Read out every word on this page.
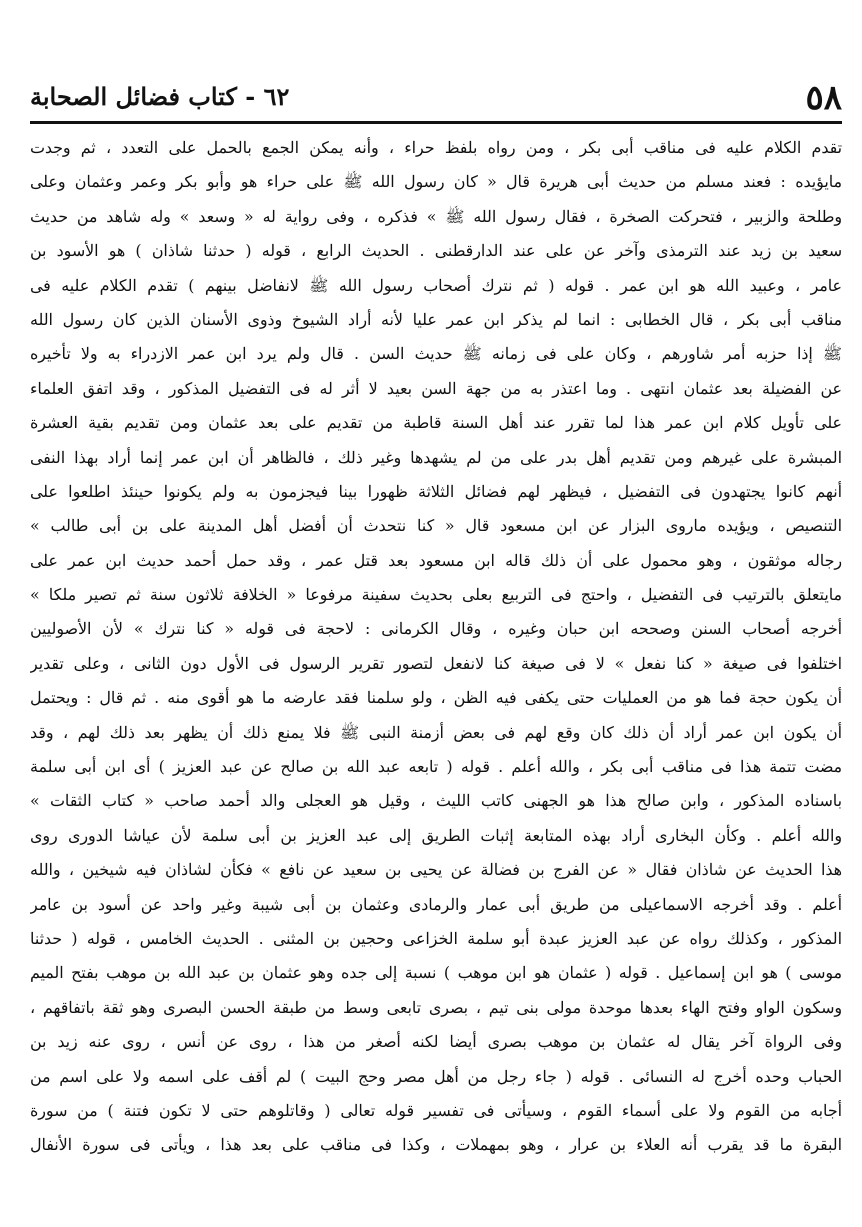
٥٨
٦٢ - كتاب فضائل الصحابة
تقدم الكلام عليه فى مناقب أبى بكر ، ومن رواه بلفظ حراء ، وأنه يمكن الجمع بالحمل على التعدد ، ثم وجدت
مايؤيده : فعند مسلم من حديث أبى هريرة قال « كان رسول الله ﷺ على حراء هو وأبو بكر وعمر وعثمان وعلى
وطلحة والزبير ، فتحركت الصخرة ، فقال رسول الله ﷺ » فذكره ، وفى رواية له « وسعد » وله شاهد من حديث
سعيد بن زيد عند الترمذى وآخر عن على عند الدارقطنى . الحديث الرابع ، قوله ( حدثنا شاذان ) هو الأسود بن
عامر ، وعبيد الله هو ابن عمر . قوله ( ثم نترك أصحاب رسول الله ﷺ لانفاضل بينهم ) تقدم الكلام عليه فى
مناقب أبى بكر ، قال الخطابى : انما لم يذكر ابن عمر عليا لأنه أراد الشيوخ وذوى الأسنان الذين كان رسول الله
ﷺ إذا حزبه أمر شاورهم ، وكان على فى زمانه ﷺ حديث السن . قال ولم يرد ابن عمر الازدراء به ولا تأخيره
عن الفضيلة بعد عثمان انتهى . وما اعتذر به من جهة السن بعيد لا أثر له فى التفضيل المذكور ، وقد اتفق العلماء
على تأويل كلام ابن عمر هذا لما تقرر عند أهل السنة قاطبة من تقديم على بعد عثمان ومن تقديم بقية العشرة
المبشرة على غيرهم ومن تقديم أهل بدر على من لم يشهدها وغير ذلك ، فالظاهر أن ابن عمر إنما أراد بهذا النفى
أنهم كانوا يجتهدون فى التفضيل ، فيظهر لهم فضائل الثلاثة ظهورا بينا فيجزمون به ولم يكونوا حينئذ اطلعوا على
التنصيص ، ويؤيده ماروى البزار عن ابن مسعود قال « كنا نتحدث أن أفضل أهل المدينة على بن أبى طالب »
رجاله موثقون ، وهو محمول على أن ذلك قاله ابن مسعود بعد قتل عمر ، وقد حمل أحمد حديث ابن عمر على
مايتعلق بالترتيب فى التفضيل ، واحتج فى التربيع بعلى بحديث سفينة مرفوعا « الخلافة ثلاثون سنة ثم تصير ملكا »
أخرجه أصحاب السنن وصححه ابن حبان وغيره ، وقال الكرمانى : لاحجة فى قوله « كنا نترك » لأن الأصوليين
اختلفوا فى صيغة « كنا نفعل » لا فى صيغة كنا لانفعل لتصور تقرير الرسول فى الأول دون الثانى ، وعلى تقدير
أن يكون حجة فما هو من العمليات حتى يكفى فيه الظن ، ولو سلمنا فقد عارضه ما هو أقوى منه . ثم قال : ويحتمل
أن يكون ابن عمر أراد أن ذلك كان وقع لهم فى بعض أزمنة النبى ﷺ فلا يمنع ذلك أن يظهر بعد ذلك لهم ، وقد
مضت تتمة هذا فى مناقب أبى بكر ، والله أعلم . قوله ( تابعه عبد الله بن صالح عن عبد العزيز ) أى ابن أبى سلمة
باسناده المذكور ، وابن صالح هذا هو الجهنى كاتب الليث ، وقيل هو العجلى والد أحمد صاحب « كتاب الثقات »
والله أعلم . وكأن البخارى أراد بهذه المتابعة إثبات الطريق إلى عبد العزيز بن أبى سلمة لأن عياشا الدورى روى
هذا الحديث عن شاذان فقال « عن الفرج بن فضالة عن يحيى بن سعيد عن نافع » فكأن لشاذان فيه شيخين ، والله
أعلم . وقد أخرجه الاسماعيلى من طريق أبى عمار والرمادى وعثمان بن أبى شيبة وغير واحد عن أسود بن عامر
المذكور ، وكذلك رواه عن عبد العزيز عبدة أبو سلمة الخزاعى وحجين بن المثنى . الحديث الخامس ، قوله ( حدثنا
موسى ) هو ابن إسماعيل . قوله ( عثمان هو ابن موهب ) نسبة إلى جده وهو عثمان بن عبد الله بن موهب بفتح الميم
وسكون الواو وفتح الهاء بعدها موحدة مولى بنى تيم ، بصرى تابعى وسط من طبقة الحسن البصرى وهو ثقة باتفاقهم ،
وفى الرواة آخر يقال له عثمان بن موهب بصرى أيضا لكنه أصغر من هذا ، روى عن أنس ، روى عنه زيد بن
الحباب وحده أخرج له النسائى . قوله ( جاء رجل من أهل مصر وحج البيت ) لم أقف على اسمه ولا على اسم من
أجابه من القوم ولا على أسماء القوم ، وسيأتى فى تفسير قوله تعالى ( وقاتلوهم حتى لا تكون فتنة ) من سورة
البقرة ما قد يقرب أنه العلاء بن عرار ، وهو بمهملات ، وكذا فى مناقب على بعد هذا ، ويأتى فى سورة الأنفال
